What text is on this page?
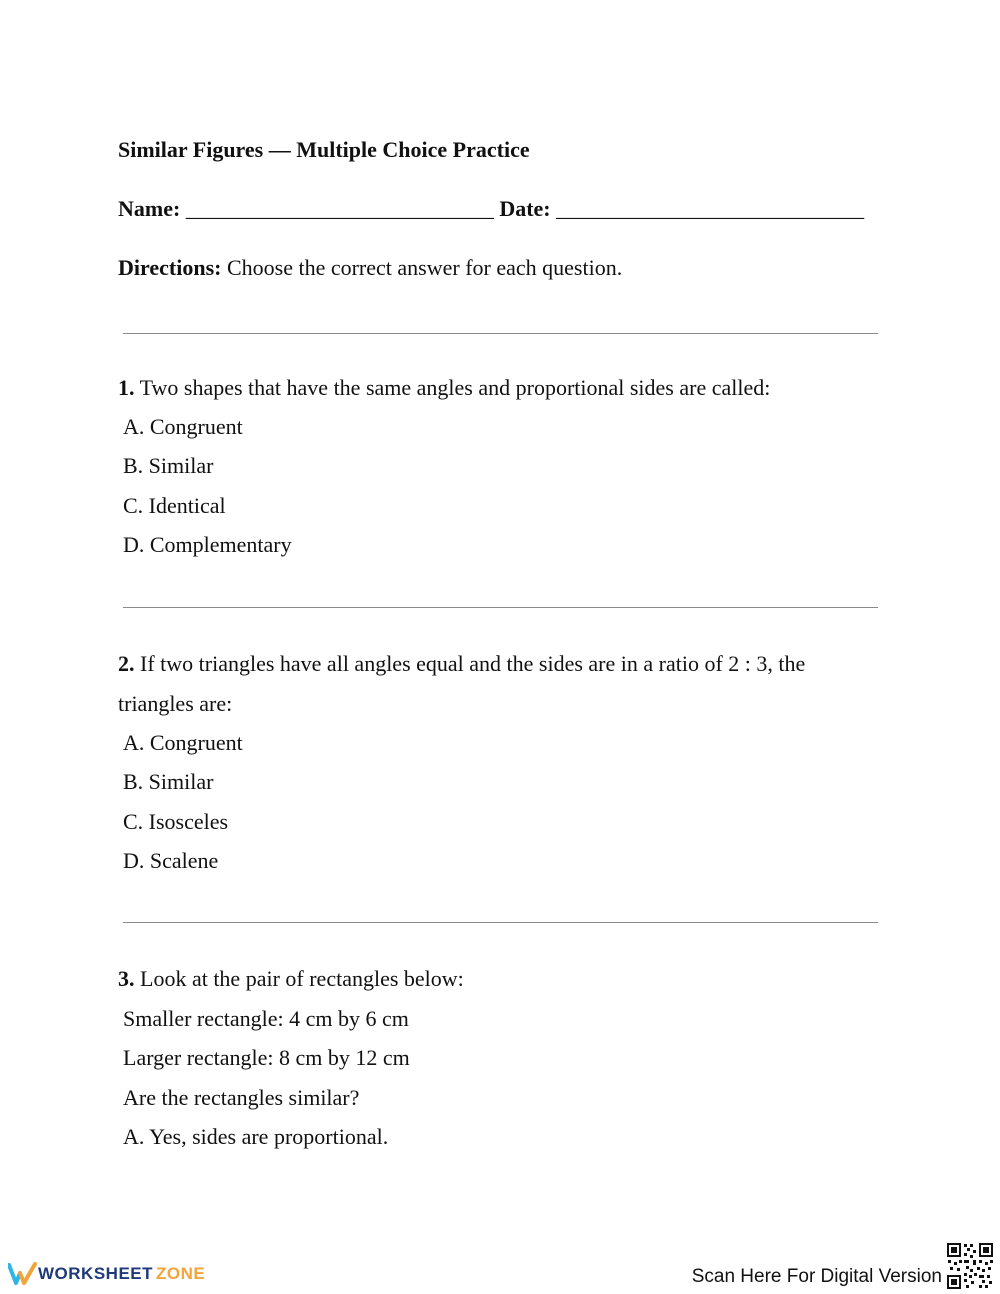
Similar Figures — Multiple Choice Practice
Name: ____________________________ Date: ____________________________
Directions: Choose the correct answer for each question.
1. Two shapes that have the same angles and proportional sides are called:
A. Congruent
B. Similar
C. Identical
D. Complementary
2. If two triangles have all angles equal and the sides are in a ratio of 2 : 3, the triangles are:
A. Congruent
B. Similar
C. Isosceles
D. Scalene
3. Look at the pair of rectangles below:
Smaller rectangle: 4 cm by 6 cm
Larger rectangle: 8 cm by 12 cm
Are the rectangles similar?
A. Yes, sides are proportional.
WORKSHEET ZONE	Scan Here For Digital Version
